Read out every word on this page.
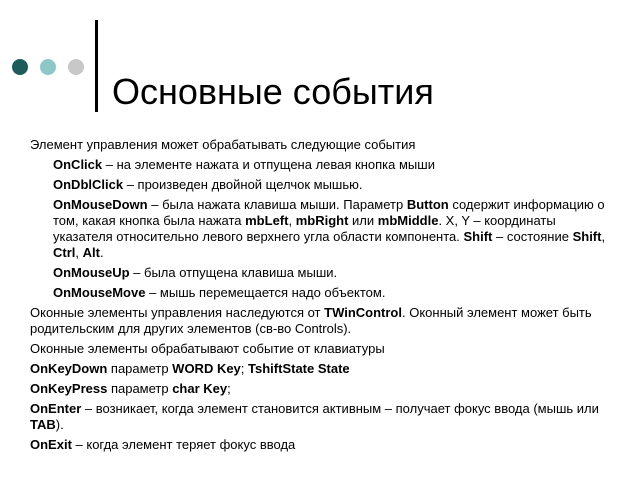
Основные события
Элемент управления может обрабатывать следующие события
OnClick – на элементе нажата и отпущена левая кнопка мыши
OnDblClick – произведен двойной щелчок мышью.
OnMouseDown – была нажата клавиша мыши. Параметр Button содержит информацию о том, какая кнопка была нажата mbLeft, mbRight или mbMiddle. X, Y – координаты указателя относительно левого верхнего угла области компонента. Shift – состояние Shift, Ctrl, Alt.
OnMouseUp – была отпущена клавиша мыши.
OnMouseMove – мышь перемещается надо объектом.
Оконные элементы управления наследуются от TWinControl. Оконный элемент может быть родительским для других элементов (св-во Controls).
Оконные элементы обрабатывают событие от клавиатуры
OnKeyDown параметр WORD Key; TshiftState State
OnKeyPress параметр char Key;
OnEnter – возникает, когда элемент становится активным – получает фокус ввода (мышь или TAB).
OnExit – когда элемент теряет фокус ввода
